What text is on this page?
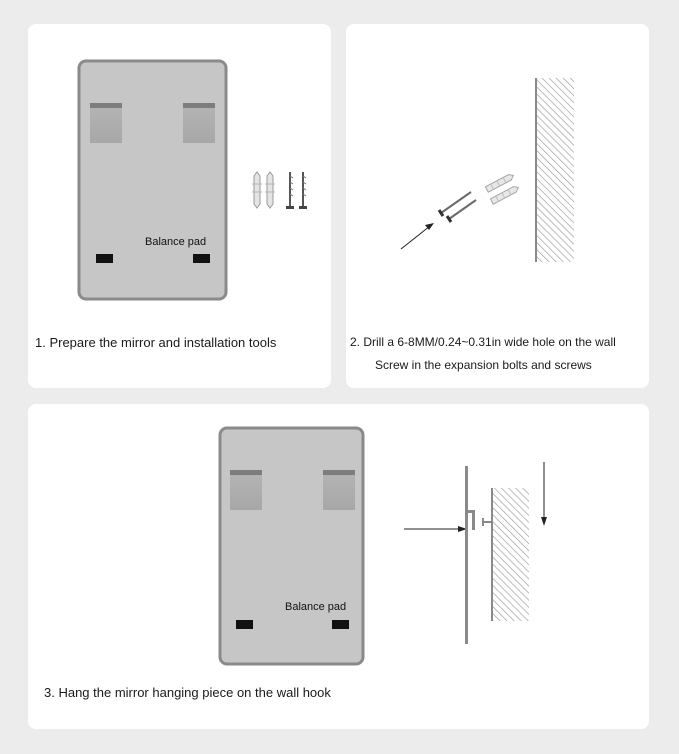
Balance pad
1. Prepare the mirror and installation tools	2. Drill a 6-8MM/0.24~0.31in wide hole on the wall
Screw in the expansion bolts and screws
Balance pad
3. Hang the mirror hanging piece on the wall hook
